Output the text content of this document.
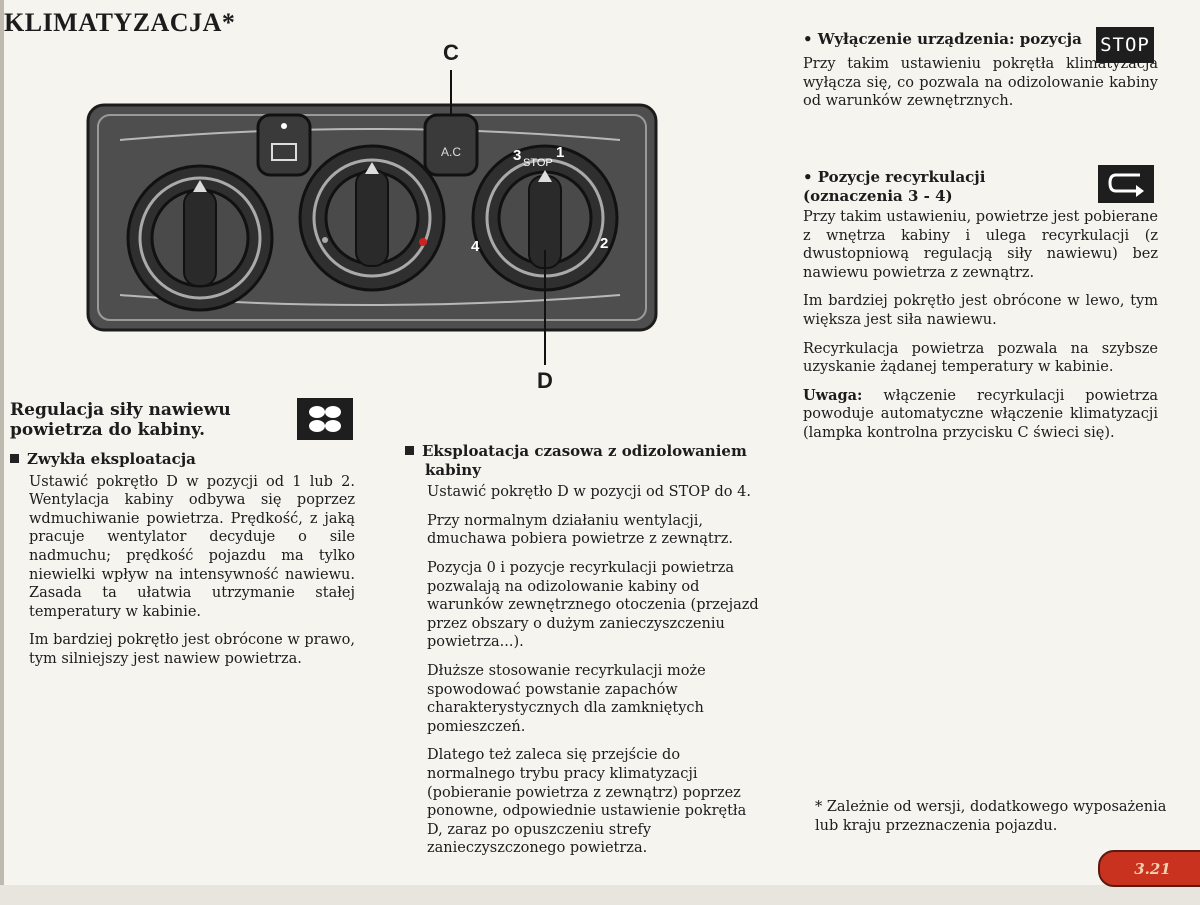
KLIMATYZACJA*
A.C	3 STOP
1
4	2
C
D
Regulacja siły nawiewu powietrza do kabiny.
Zwykła eksploatacja

Ustawić pokrętło D w pozycji od 1 lub 2. Wentylacja kabiny odbywa się poprzez wdmuchiwanie powietrza. Prędkość, z jaką pracuje wentylator decyduje o sile nadmuchu; prędkość pojazdu ma tylko niewielki wpływ na intensywność nawiewu. Zasada ta ułatwia utrzymanie stałej temperatury w kabinie.

Im bardziej pokrętło jest obrócone w prawo, tym silniejszy jest nawiew powietrza.

Eksploatacja czasowa z odizolowaniem kabiny

Ustawić pokrętło D w pozycji od STOP do 4.

Przy normalnym działaniu wentylacji, dmuchawa pobiera powietrze z zewnątrz.

Pozycja 0 i pozycje recyrkulacji powietrza pozwalają na odizolowanie kabiny od warunków zewnętrznego otoczenia (przejazd przez obszary o dużym zanieczyszczeniu powietrza...).

Dłuższe stosowanie recyrkulacji może spowodować powstanie zapachów charakterystycznych dla zamkniętych pomieszczeń.

Dlatego też zaleca się przejście do normalnego trybu pracy klimatyzacji (pobieranie powietrza z zewnątrz) poprzez ponowne, odpowiednie ustawienie pokrętła D, zaraz po opuszczeniu strefy zanieczyszczonego powietrza.

• Wyłączenie urządzenia: pozycja STOP

Przy takim ustawieniu pokrętła klimatyzacja wyłącza się, co pozwala na odizolowanie kabiny od warunków zewnętrznych.

• Pozycje recyrkulacji (oznaczenia 3 - 4)

Przy takim ustawieniu, powietrze jest pobierane z wnętrza kabiny i ulega recyrkulacji (z dwustopniową regulacją siły nawiewu) bez nawiewu powietrza z zewnątrz.

Im bardziej pokrętło jest obrócone w lewo, tym większa jest siła nawiewu.

Recyrkulacja powietrza pozwala na szybsze uzyskanie żądanej temperatury w kabinie.

Uwaga: włączenie recyrkulacji powietrza powoduje automatyczne włączenie klimatyzacji (lampka kontrolna przycisku C świeci się).

* Zależnie od wersji, dodatkowego wyposażenia lub kraju przeznaczenia pojazdu.
3.21
